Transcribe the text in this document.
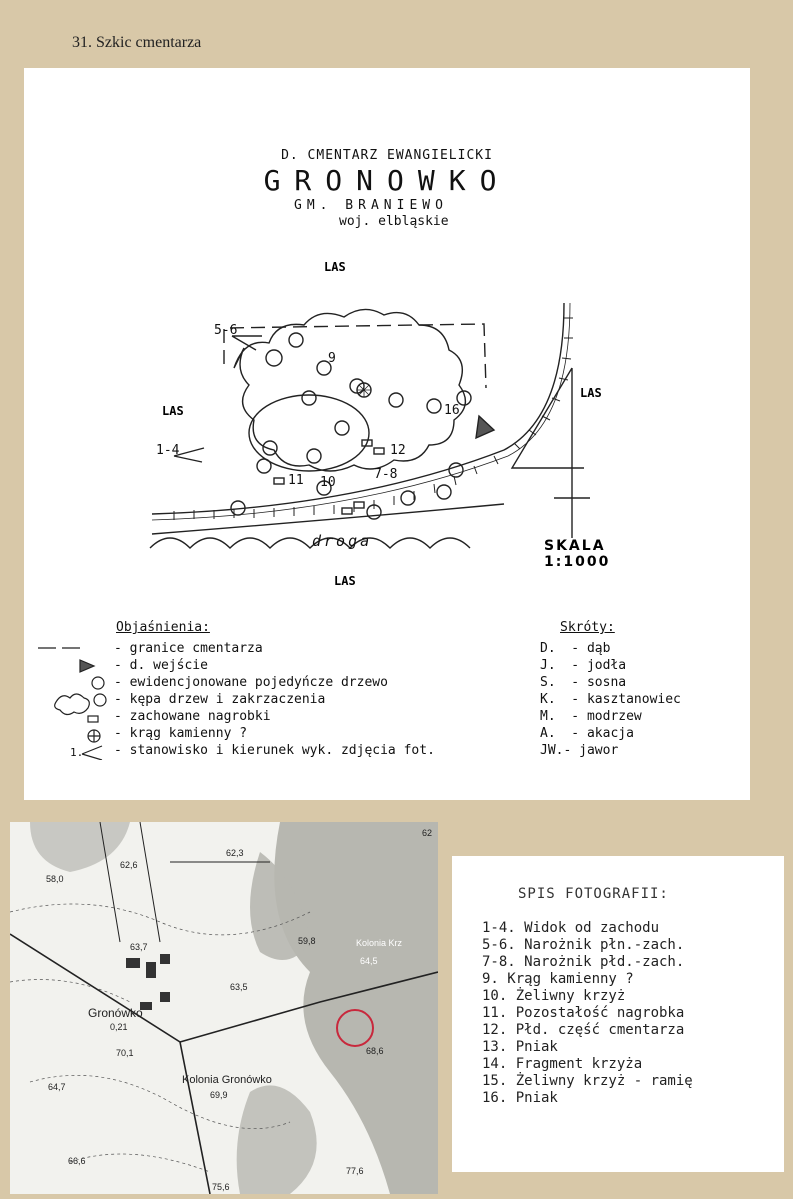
31. Szkic cmentarza
D. CMENTARZ EWANGIELICKI
GRONOWKO
GM. BRANIEWO
woj. elbląskie
LAS
LAS
LAS
LAS
5-6
1-4
9
12
7-8
11 10
16
droga	SKALA
1:1000
Objaśnienia:
1.
- granice cmentarza
- d. wejście
- ewidencjonowane pojedyńcze drzewo
- kępa drzew i zakrzaczenia
- zachowane nagrobki
- krąg kamienny ?
- stanowisko i kierunek wyk. zdjęcia fot.
Skróty:
D.  - dąb
J.  - jodła
S.  - sosna
K.  - kasztanowiec
M.  - modrzew
A.  - akacja
JW.- jawor
58,0
62,6
62,3
59,8
63,7
63,5
Gronówko
0,21
70,1
64,7
Kolonia Gronówko
69,9
66,6
75,6
77,6
Kolonia Krz
64,5
68,6
62
SPIS FOTOGRAFII:
1-4. Widok od zachodu
5-6. Narożnik płn.-zach.
7-8. Narożnik płd.-zach.
9. Krąg kamienny ?
10. Żeliwny krzyż
11. Pozostałość nagrobka
12. Płd. część cmentarza
13. Pniak
14. Fragment krzyża
15. Żeliwny krzyż - ramię
16. Pniak
